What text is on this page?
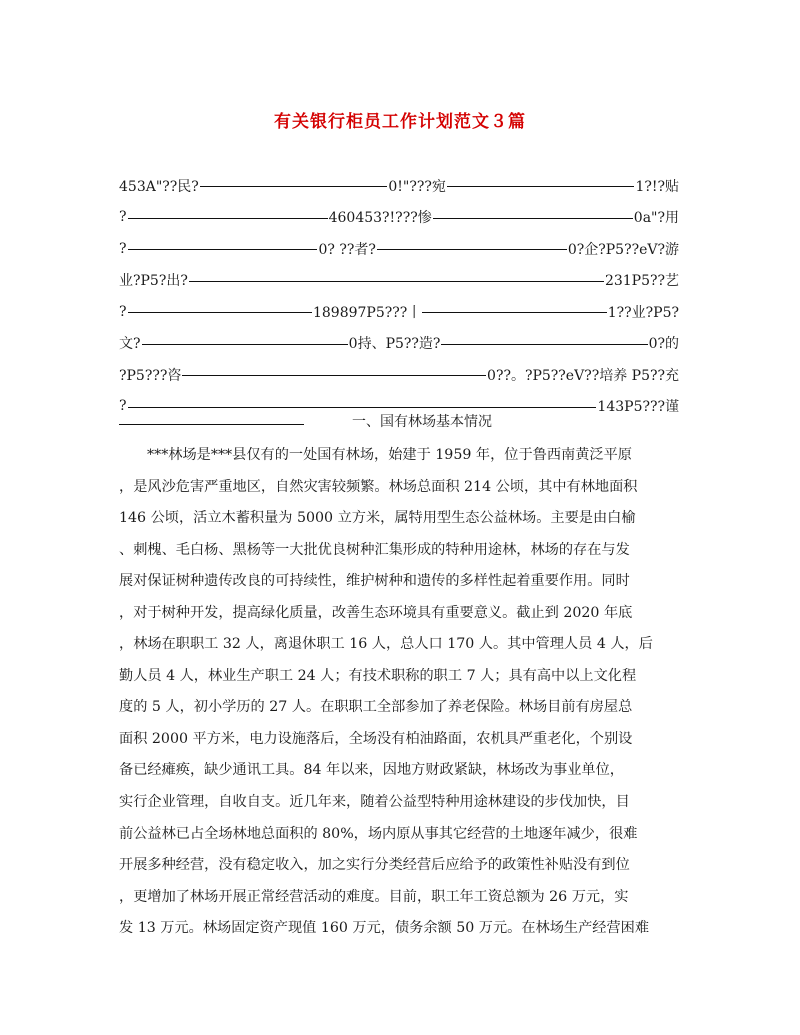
有关银行柜员工作计划范文３篇
453A"??民?	0!"???宛	1?!?贴
?	460453?!???惨	0a"?用
?	0? ??者?	0?企?P5??eV?游
业?P5?出?	231P5??艺
?	189897P5???丨	1??业?P5?
文?	0持、P5??造?	0?的
?P5???咨	0??。?P5??eV??培养 P5??充
?	143P5???谨
一、国有林场基本情况
***林场是***县仅有的一处国有林场，始建于 1959 年，位于鲁西南黄泛平原
，是风沙危害严重地区，自然灾害较频繁。林场总面积 214 公顷，其中有林地面积
146 公顷，活立木蓄积量为 5000 立方米，属特用型生态公益林场。主要是由白榆
、刺槐、毛白杨、黑杨等一大批优良树种汇集形成的特种用途林，林场的存在与发
展对保证树种遗传改良的可持续性，维护树种和遗传的多样性起着重要作用。同时
，对于树种开发，提高绿化质量，改善生态环境具有重要意义。截止到 2020 年底
，林场在职职工 32 人，离退休职工 16 人，总人口 170 人。其中管理人员 4 人，后
勤人员 4 人，林业生产职工 24 人；有技术职称的职工 7 人；具有高中以上文化程
度的 5 人，初小学历的 27 人。在职职工全部参加了养老保险。林场目前有房屋总
面积 2000 平方米，电力设施落后，全场没有柏油路面，农机具严重老化，个别设
备已经瘫痪，缺少通讯工具。84 年以来，因地方财政紧缺，林场改为事业单位，
实行企业管理，自收自支。近几年来，随着公益型特种用途林建设的步伐加快，目
前公益林已占全场林地总面积的 80%，场内原从事其它经营的土地逐年减少，很难
开展多种经营，没有稳定收入，加之实行分类经营后应给予的政策性补贴没有到位
，更增加了林场开展正常经营活动的难度。目前，职工年工资总额为 26 万元，实
发 13 万元。林场固定资产现值 160 万元，债务余额 50 万元。在林场生产经营困难
